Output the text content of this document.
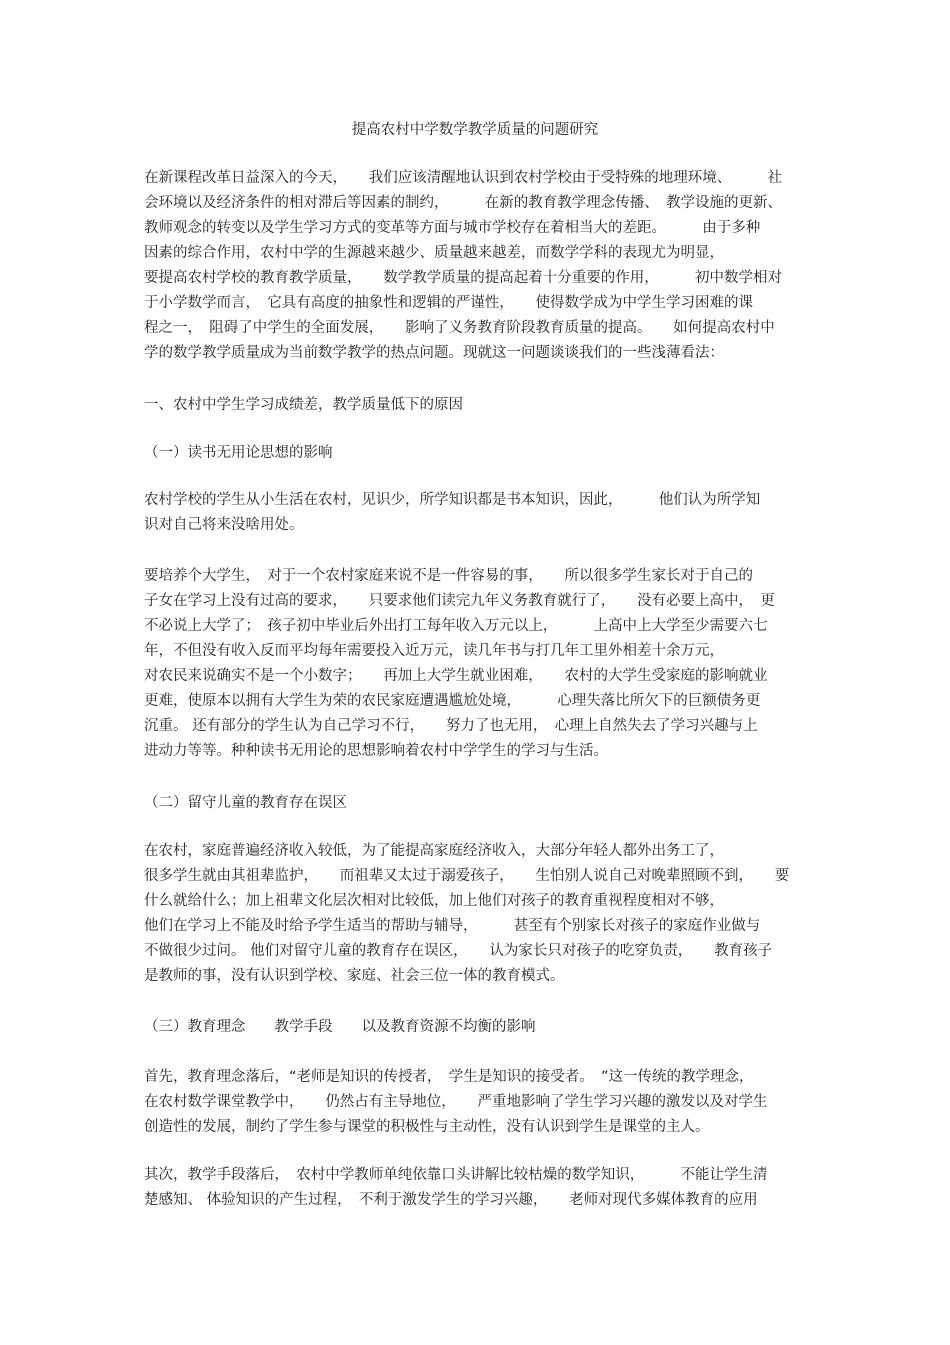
提高农村中学数学教学质量的问题研究
在新课程改革日益深入的今天，　　我们应该清醒地认识到农村学校由于受特殊的地理环境、　　　社
会环境以及经济条件的相对滞后等因素的制约，　　　在新的教育教学理念传播、　教学设施的更新、
教师观念的转变以及学生学习方式的变革等方面与城市学校存在着相当大的差距。　　　由于多种
因素的综合作用，农村中学的生源越来越少、质量越来越差，而数学学科的表现尤为明显，
要提高农村学校的教育教学质量，　　数学教学质量的提高起着十分重要的作用，　　　初中数学相对
于小学数学而言，　它具有高度的抽象性和逻辑的严谨性，　　使得数学成为中学生学习困难的课
程之一，　阻碍了中学生的全面发展，　　影响了义务教育阶段教育质量的提高。　　如何提高农村中
学的数学教学质量成为当前数学教学的热点问题。现就这一问题谈谈我们的一些浅薄看法：
一、农村中学生学习成绩差，教学质量低下的原因
（一）读书无用论思想的影响
农村学校的学生从小生活在农村，见识少，所学知识都是书本知识，因此，　　　他们认为所学知
识对自己将来没啥用处。
要培养个大学生，　对于一个农村家庭来说不是一件容易的事，　　所以很多学生家长对于自己的
子女在学习上没有过高的要求，　　只要求他们读完九年义务教育就行了，　　没有必要上高中，　更
不必说上大学了；　孩子初中毕业后外出打工每年收入万元以上，　　　上高中上大学至少需要六七
年，不但没有收入反而平均每年需要投入近万元，读几年书与打几年工里外相差十余万元，
对农民来说确实不是一个小数字；　　再加上大学生就业困难，　　农村的大学生受家庭的影响就业
更难，使原本以拥有大学生为荣的农民家庭遭遇尴尬处境，　　　心理失落比所欠下的巨额债务更
沉重。 还有部分的学生认为自己学习不行，　　努力了也无用，　心理上自然失去了学习兴趣与上
进动力等等。种种读书无用论的思想影响着农村中学学生的学习与生活。
（二）留守儿童的教育存在误区
在农村，家庭普遍经济收入较低，为了能提高家庭经济收入，大部分年轻人都外出务工了，
很多学生就由其祖辈监护，　　而祖辈又太过于溺爱孩子，　　生怕别人说自己对晚辈照顾不到，　　要
什么就给什么；加上祖辈文化层次相对比较低，加上他们对孩子的教育重视程度相对不够，
他们在学习上不能及时给予学生适当的帮助与辅导，　　　甚至有个别家长对孩子的家庭作业做与
不做很少过问。 他们对留守儿童的教育存在误区，　　认为家长只对孩子的吃穿负责，　　教育孩子
是教师的事，没有认识到学校、家庭、社会三位一体的教育模式。
（三）教育理念　　教学手段　　以及教育资源不均衡的影响
首先，教育理念落后，“老师是知识的传授者，　学生是知识的接受者。　”这一传统的教学理念，
在农村数学课堂教学中，　　仍然占有主导地位，　　严重地影响了学生学习兴趣的激发以及对学生
创造性的发展，制约了学生参与课堂的积极性与主动性，没有认识到学生是课堂的主人。
其次，教学手段落后，　农村中学教师单纯依靠口头讲解比较枯燥的数学知识，　　　不能让学生清
楚感知、 体验知识的产生过程，　不利于激发学生的学习兴趣，　　老师对现代多媒体教育的应用
